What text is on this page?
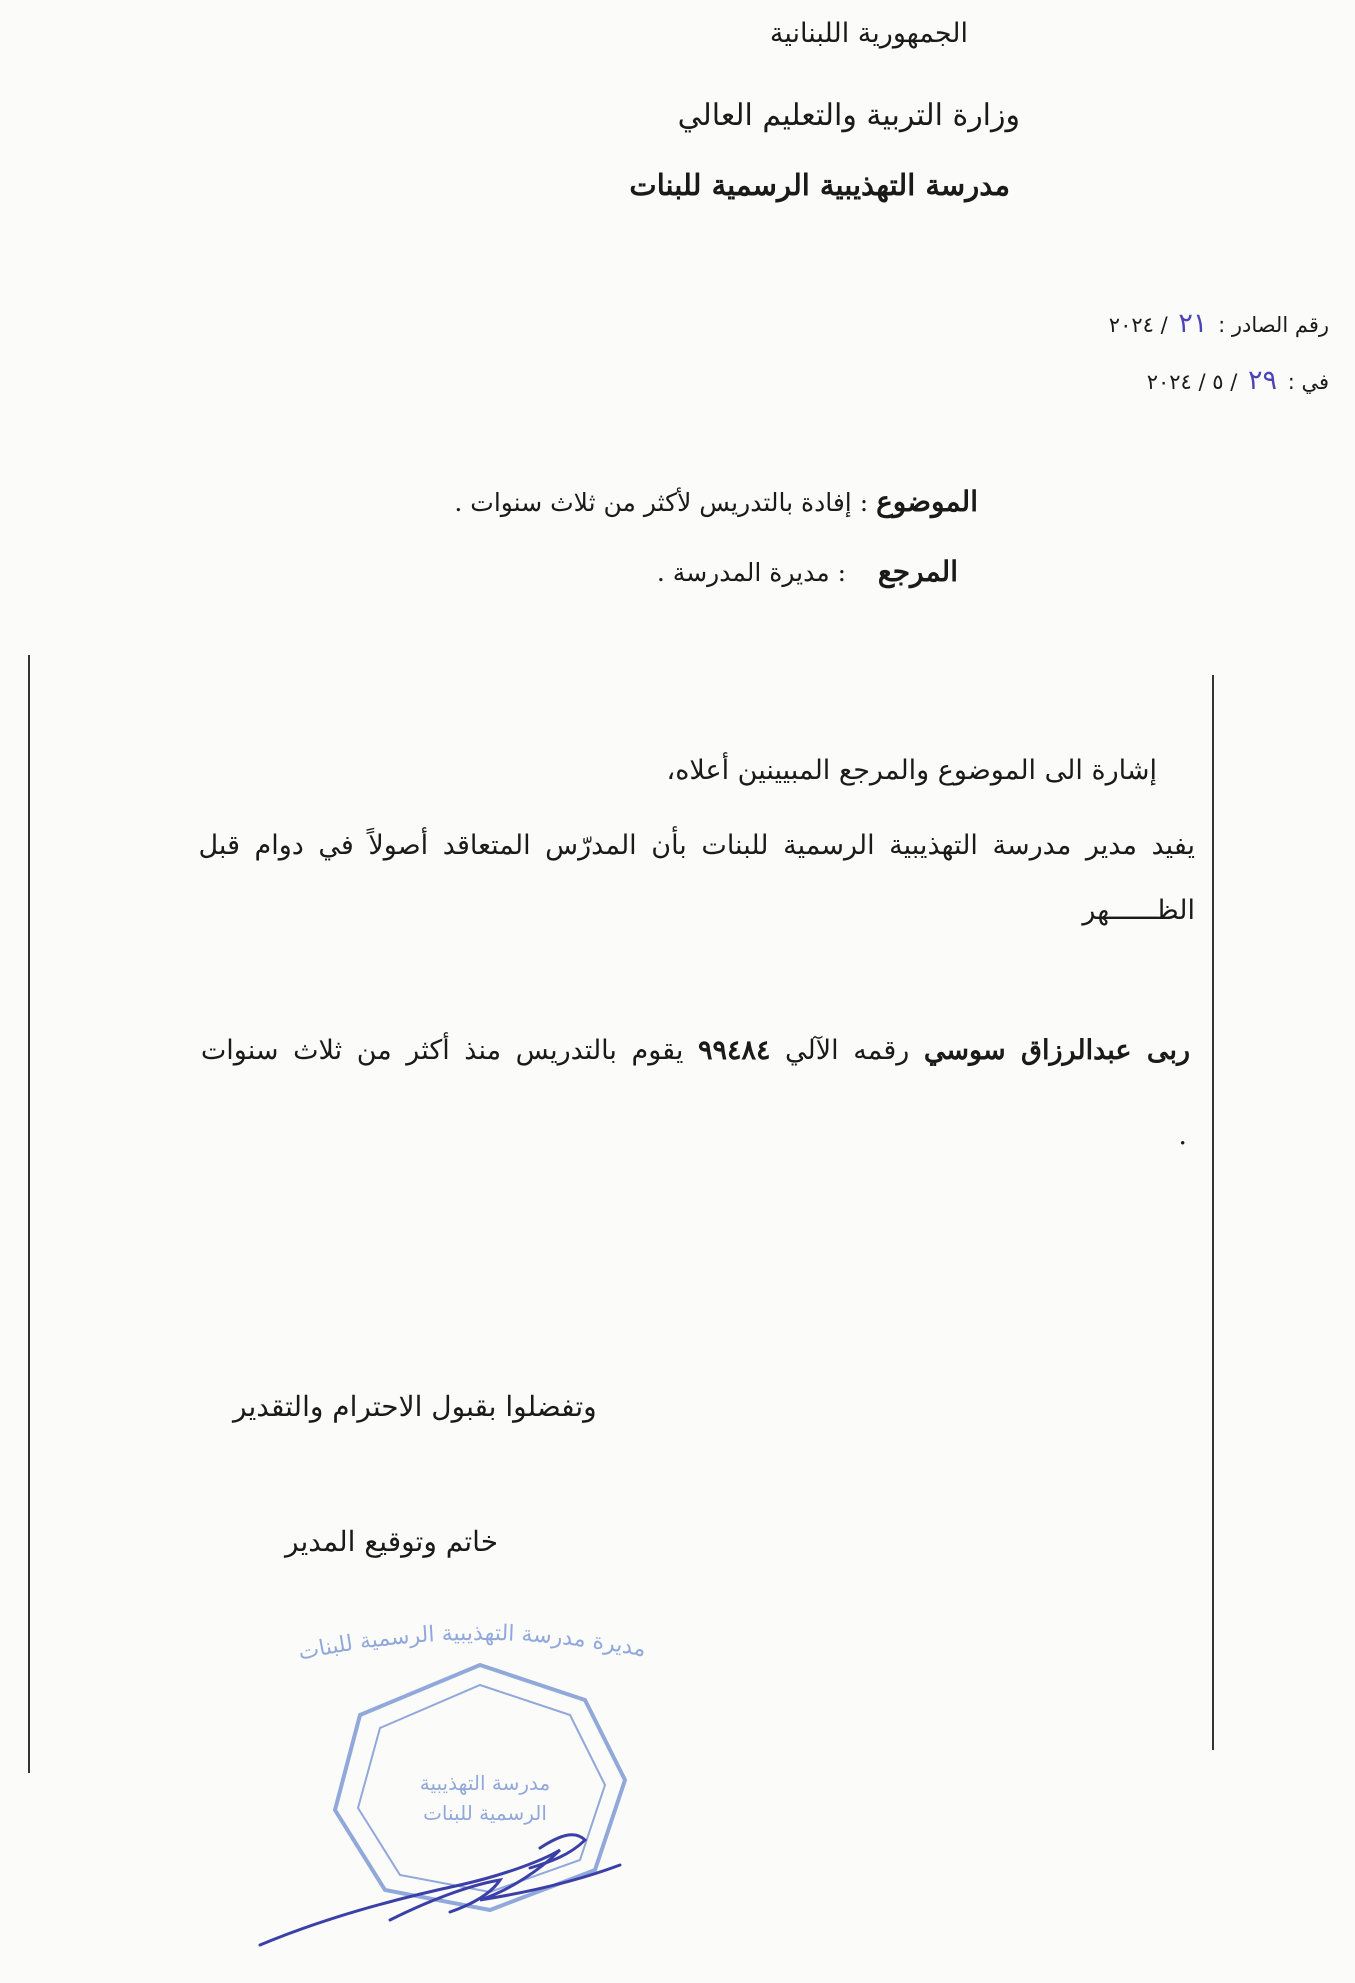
الجمهورية اللبنانية
وزارة التربية والتعليم العالي
مدرسة التهذيبية الرسمية للبنات
رقم الصادر : ٢١ / ٢٠٢٤
في : ٢٩ / ٥ / ٢٠٢٤
الموضوع : إفادة بالتدريس لأكثر من ثلاث سنوات .
المرجع    : مديرة المدرسة .
إشارة الى الموضوع والمرجع المبيينين أعلاه،
يفيد مدير مدرسة التهذيبية الرسمية للبنات بأن المدرّس المتعاقد أصولاً في دوام قبل
الظــــــهر
ربى عبدالرزاق سوسي رقمه الآلي ٩٩٤٨٤ يقوم بالتدريس منذ أكثر من ثلاث سنوات
.
وتفضلوا بقبول الاحترام والتقدير
خاتم وتوقيع المدير
مديرة مدرسة التهذيبية الرسمية للبنات
مدرسة التهذيبية
الرسمية للبنات
